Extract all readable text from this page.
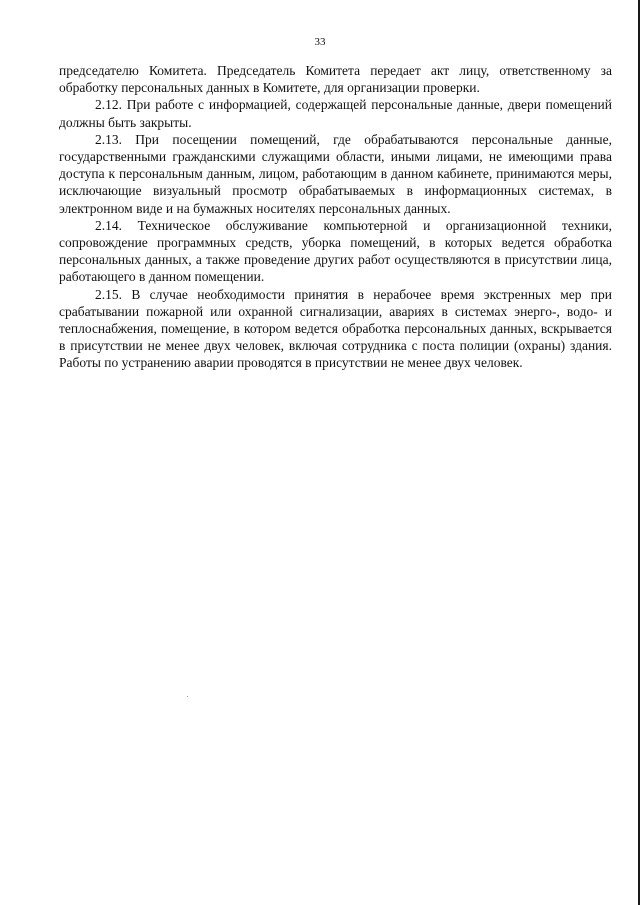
33

председателю Комитета. Председатель Комитета передает акт лицу, ответственному за обработку персональных данных в Комитете, для организации проверки.

2.12. При работе с информацией, содержащей персональные данные, двери помещений должны быть закрыты.

2.13. При посещении помещений, где обрабатываются персональные данные, государственными гражданскими служащими области, иными лицами, не имеющими права доступа к персональным данным, лицом, работающим в данном кабинете, принимаются меры, исключающие визуальный просмотр обрабатываемых в информационных системах, в электронном виде и на бумажных носителях персональных данных.

2.14. Техническое обслуживание компьютерной и организационной техники, сопровождение программных средств, уборка помещений, в которых ведется обработка персональных данных, а также проведение других работ осуществляются в присутствии лица, работающего в данном помещении.

2.15. В случае необходимости принятия в нерабочее время экстренных мер при срабатывании пожарной или охранной сигнализации, авариях в системах энерго-, водо- и теплоснабжения, помещение, в котором ведется обработка персональных данных, вскрывается в присутствии не менее двух человек, включая сотрудника с поста полиции (охраны) здания. Работы по устранению аварии проводятся в присутствии не менее двух человек.
